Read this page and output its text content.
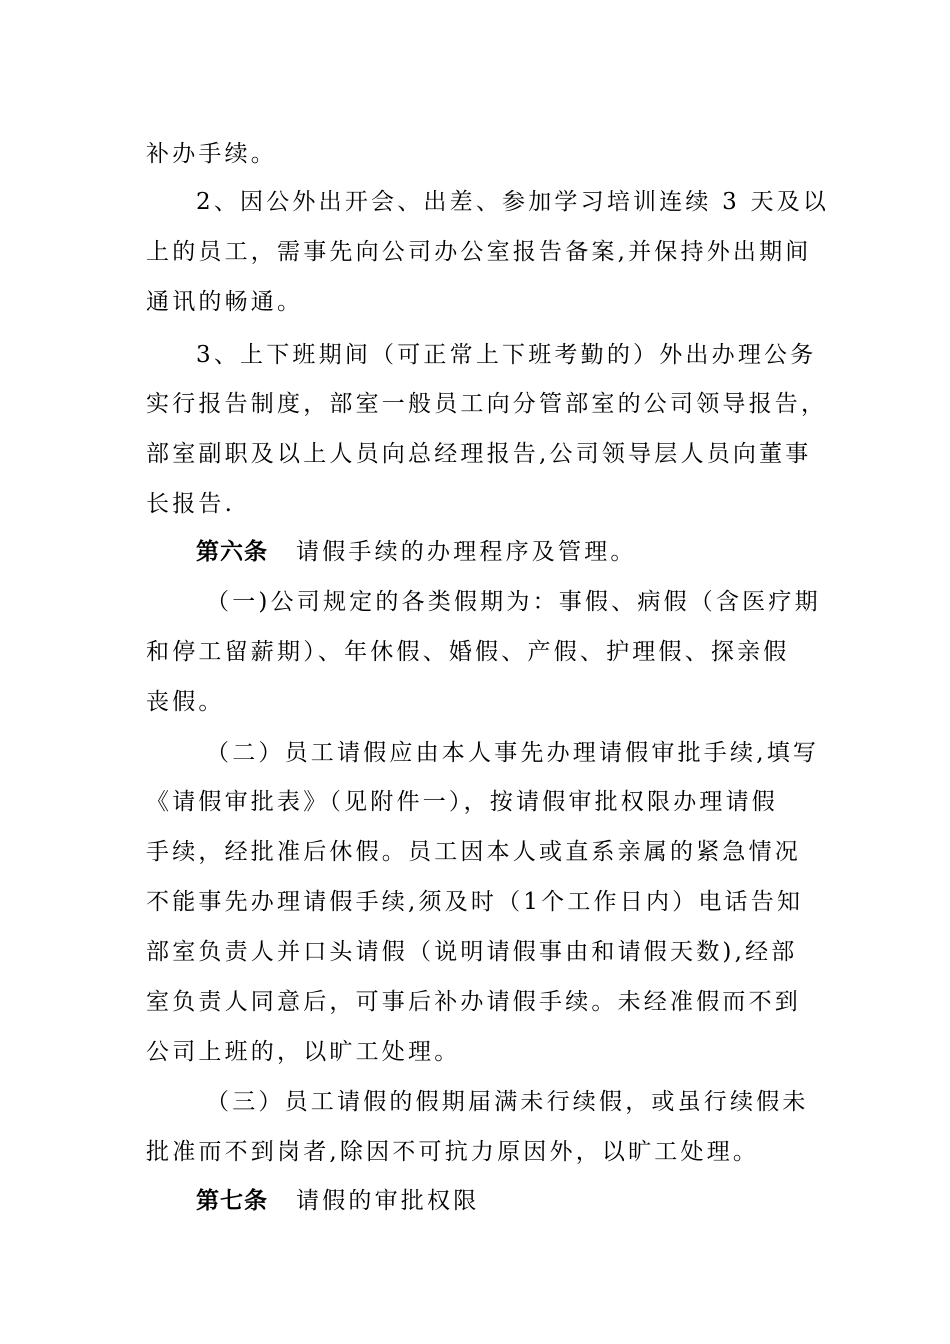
补办手续。
2、因公外出开会、出差、参加学习培训连续 3 天及以
上的员工，需事先向公司办公室报告备案,并保持外出期间
通讯的畅通。
3、上下班期间（可正常上下班考勤的）外出办理公务
实行报告制度，部室一般员工向分管部室的公司领导报告，
部室副职及以上人员向总经理报告,公司领导层人员向董事
长报告.
第六条 请假手续的办理程序及管理。
（一)公司规定的各类假期为：事假、病假（含医疗期
和停工留薪期）、年休假、婚假、产假、护理假、探亲假
丧假。
（二）员工请假应由本人事先办理请假审批手续,填写
《请假审批表》（见附件一），按请假审批权限办理请假
手续，经批准后休假。员工因本人或直系亲属的紧急情况
不能事先办理请假手续,须及时（1个工作日内）电话告知
部室负责人并口头请假（说明请假事由和请假天数),经部
室负责人同意后，可事后补办请假手续。未经准假而不到
公司上班的，以旷工处理。
（三）员工请假的假期届满未行续假，或虽行续假未
批准而不到岗者,除因不可抗力原因外，以旷工处理。
第七条 请假的审批权限
